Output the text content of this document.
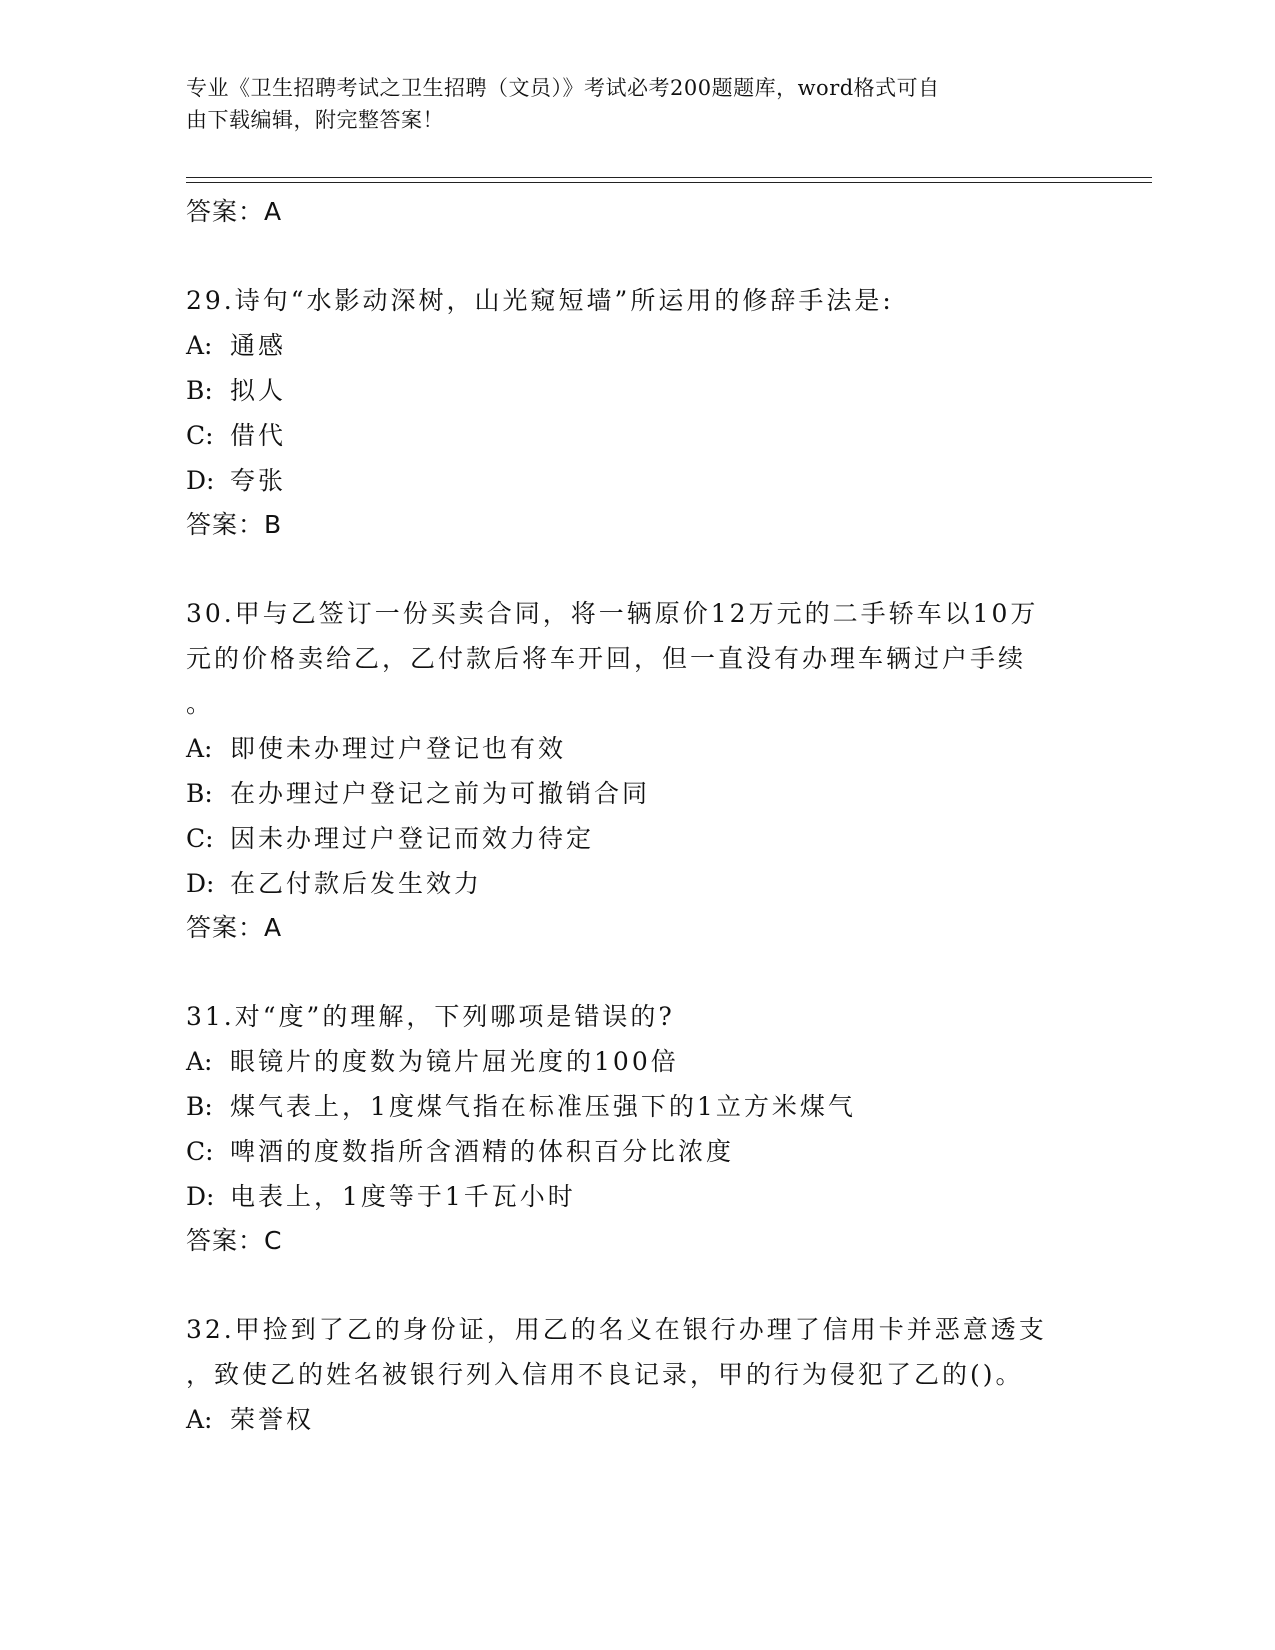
专业《卫生招聘考试之卫生招聘（文员）》考试必考200题题库，word格式可自
由下载编辑，附完整答案！
答案：A
29.诗句“水影动深树，山光窥短墙”所运用的修辞手法是:
A: 通感
B: 拟人
C: 借代
D: 夸张
答案：B
30.甲与乙签订一份买卖合同，将一辆原价12万元的二手轿车以10万
元的价格卖给乙，乙付款后将车开回，但一直没有办理车辆过户手续
。
A: 即使未办理过户登记也有效
B: 在办理过户登记之前为可撤销合同
C: 因未办理过户登记而效力待定
D: 在乙付款后发生效力
答案：A
31.对“度”的理解，下列哪项是错误的?
A: 眼镜片的度数为镜片屈光度的100倍
B: 煤气表上，1度煤气指在标准压强下的1立方米煤气
C: 啤酒的度数指所含酒精的体积百分比浓度
D: 电表上，1度等于1千瓦小时
答案：C
32.甲捡到了乙的身份证，用乙的名义在银行办理了信用卡并恶意透支
，致使乙的姓名被银行列入信用不良记录，甲的行为侵犯了乙的()。
A: 荣誉权
